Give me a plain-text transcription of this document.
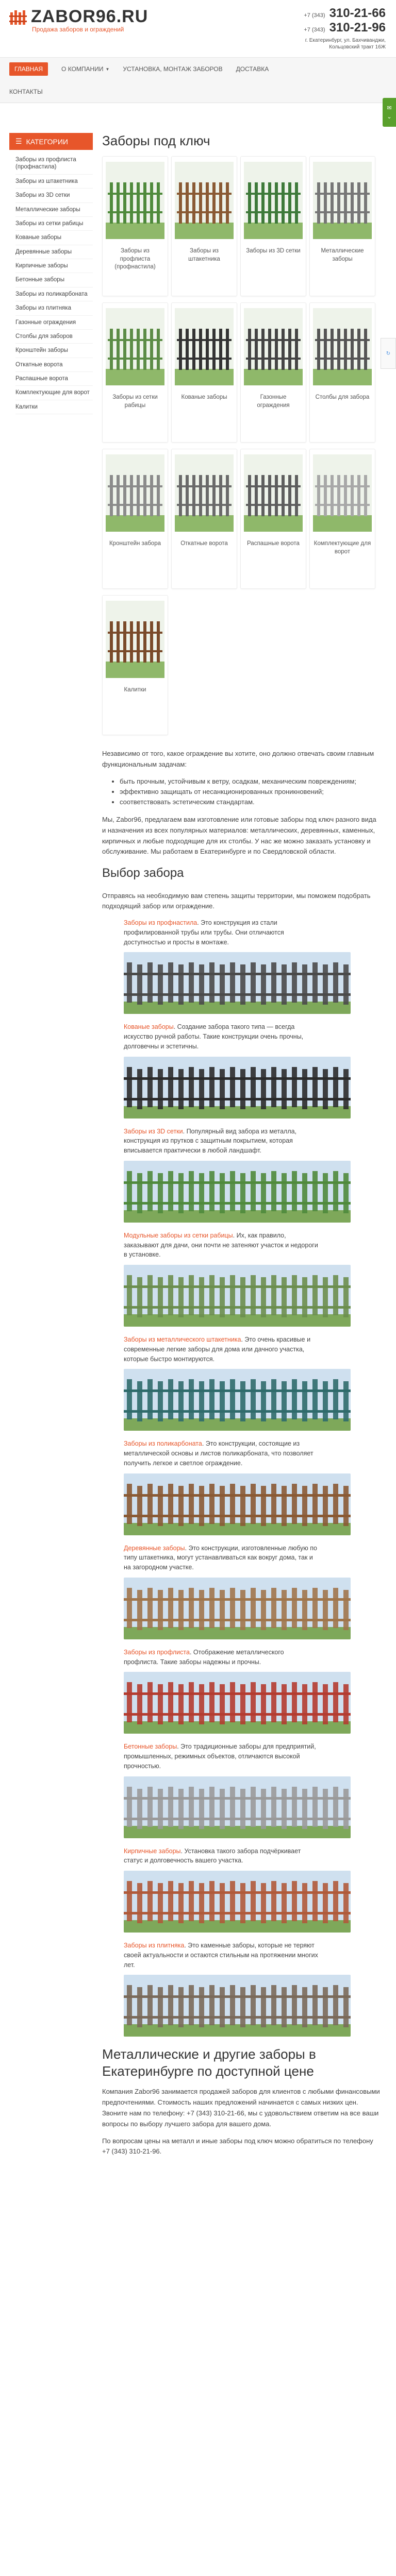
ZABOR96.RU
Продажа заборов и ограждений
+7 (343) 310-21-66
+7 (343) 310-21-96
г. Екатеринбург, ул. Бахчиванджи,
Кольцовский тракт 16Ж
ГЛАВНАЯ	О КОМПАНИИ ▼ УСТАНОВКА, МОНТАЖ ЗАБОРОВ ДОСТАВКА
КОНТАКТЫ
✉
⌄
☰ КАТЕГОРИИ
Заборы из профлиста (профнастила)
Заборы из штакетника
Заборы из 3D сетки
Металлические заборы
Заборы из сетки рабицы
Кованые заборы
Деревянные заборы
Кирпичные заборы
Бетонные заборы
Заборы из поликарбоната
Заборы из плитняка
Газонные ограждения
Столбы для заборов
Кронштейн заборы
Откатные ворота
Распашные ворота
Комплектующие для ворот
Калитки
Заборы под ключ
Заборы из профлиста (профнастила)
Заборы из штакетника
Заборы из 3D сетки	Металлические заборы
Заборы из сетки рабицы
Кованые заборы	Газонные ограждения
Столбы для забора
Кронштейн забора	Откатные ворота	Распашные ворота Комплектующие для ворот
Калитки

Независимо от того, какое ограждение вы хотите, оно должно отвечать своим главным функциональным задачам:

• быть прочным, устойчивым к ветру, осадкам, механическим повреждениям;
• эффективно защищать от несанкционированных проникновений;
• соответствовать эстетическим стандартам.

Мы, Zabor96, предлагаем вам изготовление или готовые заборы под ключ разного вида и назначения из всех популярных материалов: металлических, деревянных, каменных, кирпичных и любые подходящие для их столбы. У нас же можно заказать установку и обслуживание. Мы работаем в Екатеринбурге и по Свердловской области.

Выбор забора

Отправясь на необходимую вам степень защиты территории, мы поможем подобрать подходящий забор или ограждение.

Заборы из профнастила. Это конструкция из стали профилированной трубы или трубы. Они отличаются доступностью и просты в монтаже.
Кованые заборы. Создание забора такого типа — всегда искусство ручной работы. Такие конструкции очень прочны, долговечны и эстетичны.
Заборы из 3D сетки. Популярный вид забора из металла, конструкция из прутков с защитным покрытием, которая вписывается практически в любой ландшафт.
Модульные заборы из сетки рабицы. Их, как правило, заказывают для дачи, они почти не затеняют участок и недороги в установке.
Заборы из металлического штакетника. Это очень красивые и современные легкие заборы для дома или дачного участка, которые быстро монтируются.
Заборы из поликарбоната. Это конструкции, состоящие из металлической основы и листов поликарбоната, что позволяет получить легкое и светлое ограждение.
Деревянные заборы. Это конструкции, изготовленные любую по типу штакетника, могут устанавливаться как вокруг дома, так и на загородном участке.
Заборы из профлиста. Отображение металлического профлиста. Такие заборы надежны и прочны.
Бетонные заборы. Это традиционные заборы для предприятий, промышленных, режимных объектов, отличаются высокой прочностью.
Кирпичные заборы. Установка такого забора подчёркивает статус и долговечность вашего участка.
Заборы из плитняка. Это каменные заборы, которые не теряют своей актуальности и остаются стильным на протяжении многих лет.
Металлические и другие заборы в Екатеринбурге по доступной цене

Компания Zabor96 занимается продажей заборов для клиентов с любыми финансовыми предпочтениями. Стоимость наших предложений начинается с самых низких цен. Звоните нам по телефону: +7 (343) 310-21-66, мы с удовольствием ответим на все ваши вопросы по выбору лучшего забора для вашего дома.

По вопросам цены на металл и иные заборы под ключ можно обратиться по телефону +7 (343) 310-21-96.

↻
